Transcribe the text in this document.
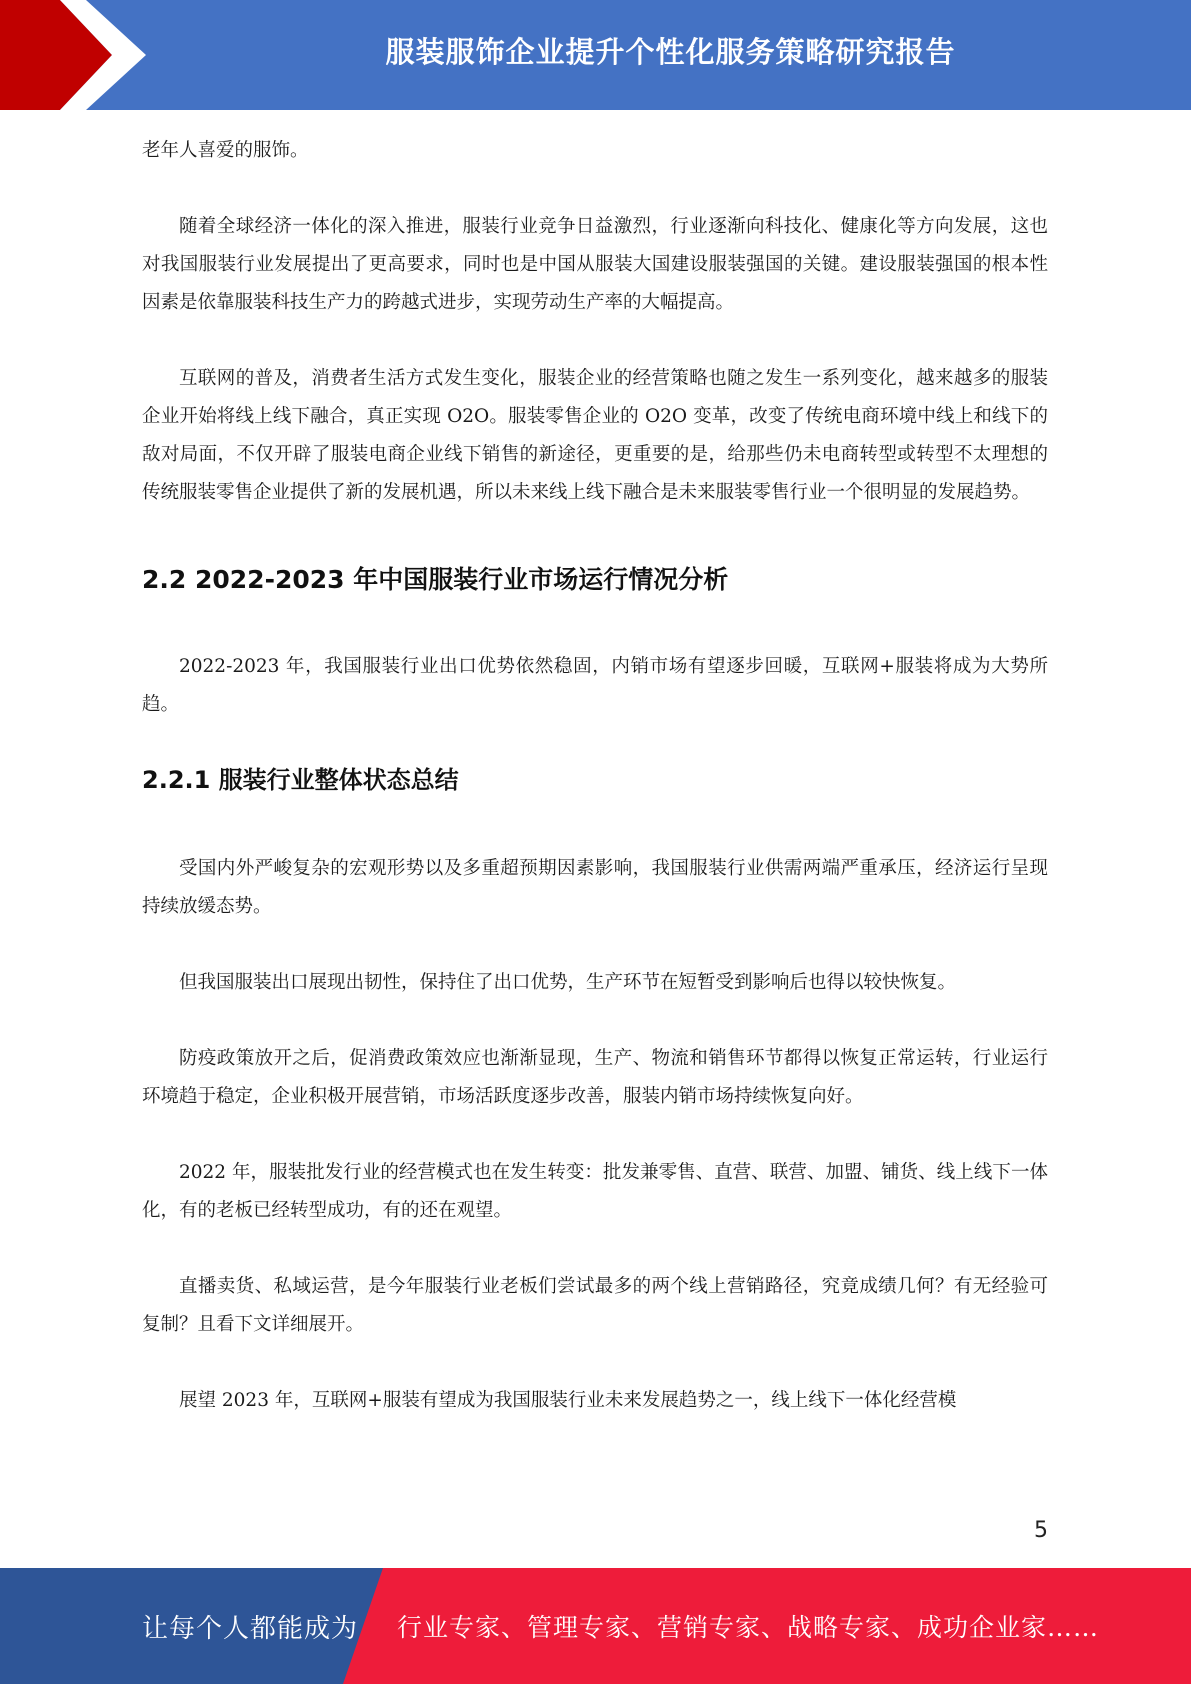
服装服饰企业提升个性化服务策略研究报告

老年人喜爱的服饰。

随着全球经济一体化的深入推进，服装行业竞争日益激烈，行业逐渐向科技化、健康化等方向发展，这也对我国服装行业发展提出了更高要求，同时也是中国从服装大国建设服装强国的关键。建设服装强国的根本性因素是依靠服装科技生产力的跨越式进步，实现劳动生产率的大幅提高。

互联网的普及，消费者生活方式发生变化，服装企业的经营策略也随之发生一系列变化，越来越多的服装企业开始将线上线下融合，真正实现 O2O。服装零售企业的 O2O 变革，改变了传统电商环境中线上和线下的敌对局面，不仅开辟了服装电商企业线下销售的新途径，更重要的是，给那些仍未电商转型或转型不太理想的传统服装零售企业提供了新的发展机遇，所以未来线上线下融合是未来服装零售行业一个很明显的发展趋势。

2.2 2022-2023 年中国服装行业市场运行情况分析

2022-2023 年，我国服装行业出口优势依然稳固，内销市场有望逐步回暖，互联网+服装将成为大势所趋。

2.2.1 服装行业整体状态总结

受国内外严峻复杂的宏观形势以及多重超预期因素影响，我国服装行业供需两端严重承压，经济运行呈现持续放缓态势。

但我国服装出口展现出韧性，保持住了出口优势，生产环节在短暂受到影响后也得以较快恢复。

防疫政策放开之后，促消费政策效应也渐渐显现，生产、物流和销售环节都得以恢复正常运转，行业运行环境趋于稳定，企业积极开展营销，市场活跃度逐步改善，服装内销市场持续恢复向好。

2022 年，服装批发行业的经营模式也在发生转变：批发兼零售、直营、联营、加盟、铺货、线上线下一体化，有的老板已经转型成功，有的还在观望。

直播卖货、私域运营，是今年服装行业老板们尝试最多的两个线上营销路径，究竟成绩几何？有无经验可复制？且看下文详细展开。

展望 2023 年，互联网+服装有望成为我国服装行业未来发展趋势之一，线上线下一体化经营模

5
让每个人都能成为 行业专家、管理专家、营销专家、战略专家、成功企业家……
